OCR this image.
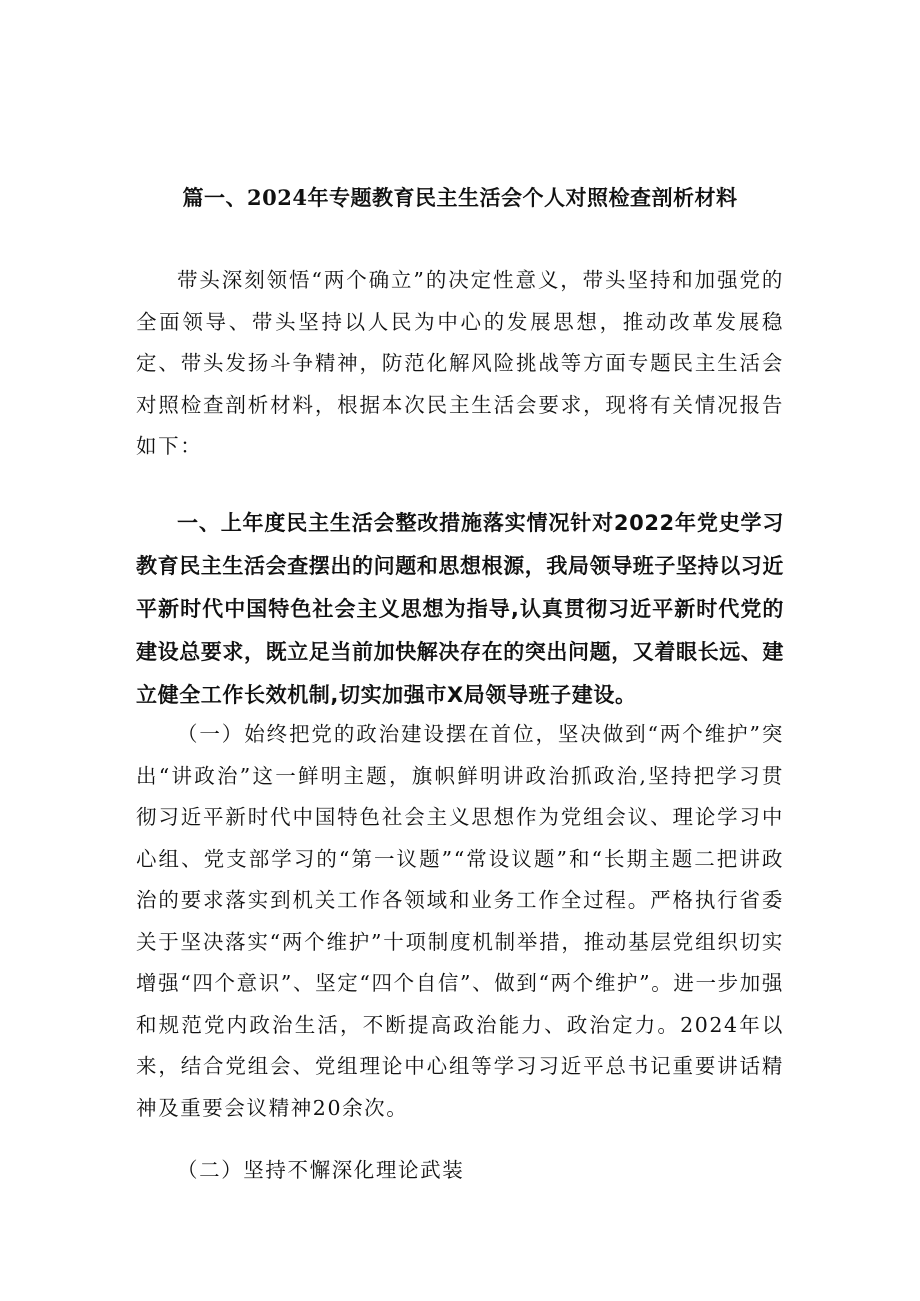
篇一、2024年专题教育民主生活会个人对照检查剖析材料

带头深刻领悟“两个确立”的决定性意义，带头坚持和加强党的全面领导、带头坚持以人民为中心的发展思想，推动改革发展稳定、带头发扬斗争精神，防范化解风险挑战等方面专题民主生活会对照检查剖析材料，根据本次民主生活会要求，现将有关情况报告如下：

一、上年度民主生活会整改措施落实情况针对2022年党史学习教育民主生活会查摆出的问题和思想根源，我局领导班子坚持以习近平新时代中国特色社会主义思想为指导,认真贯彻习近平新时代党的建设总要求，既立足当前加快解决存在的突出问题，又着眼长远、建立健全工作长效机制,切实加强市X局领导班子建设。

（一）始终把党的政治建设摆在首位，坚决做到“两个维护”突出“讲政治”这一鲜明主题，旗帜鲜明讲政治抓政治,坚持把学习贯彻习近平新时代中国特色社会主义思想作为党组会议、理论学习中心组、党支部学习的“第一议题”“常设议题”和“长期主题二把讲政治的要求落实到机关工作各领域和业务工作全过程。严格执行省委关于坚决落实“两个维护”十项制度机制举措，推动基层党组织切实增强“四个意识”、坚定“四个自信”、做到“两个维护”。进一步加强和规范党内政治生活，不断提高政治能力、政治定力。2024年以来，结合党组会、党组理论中心组等学习习近平总书记重要讲话精神及重要会议精神20余次。

（二）坚持不懈深化理论武装
